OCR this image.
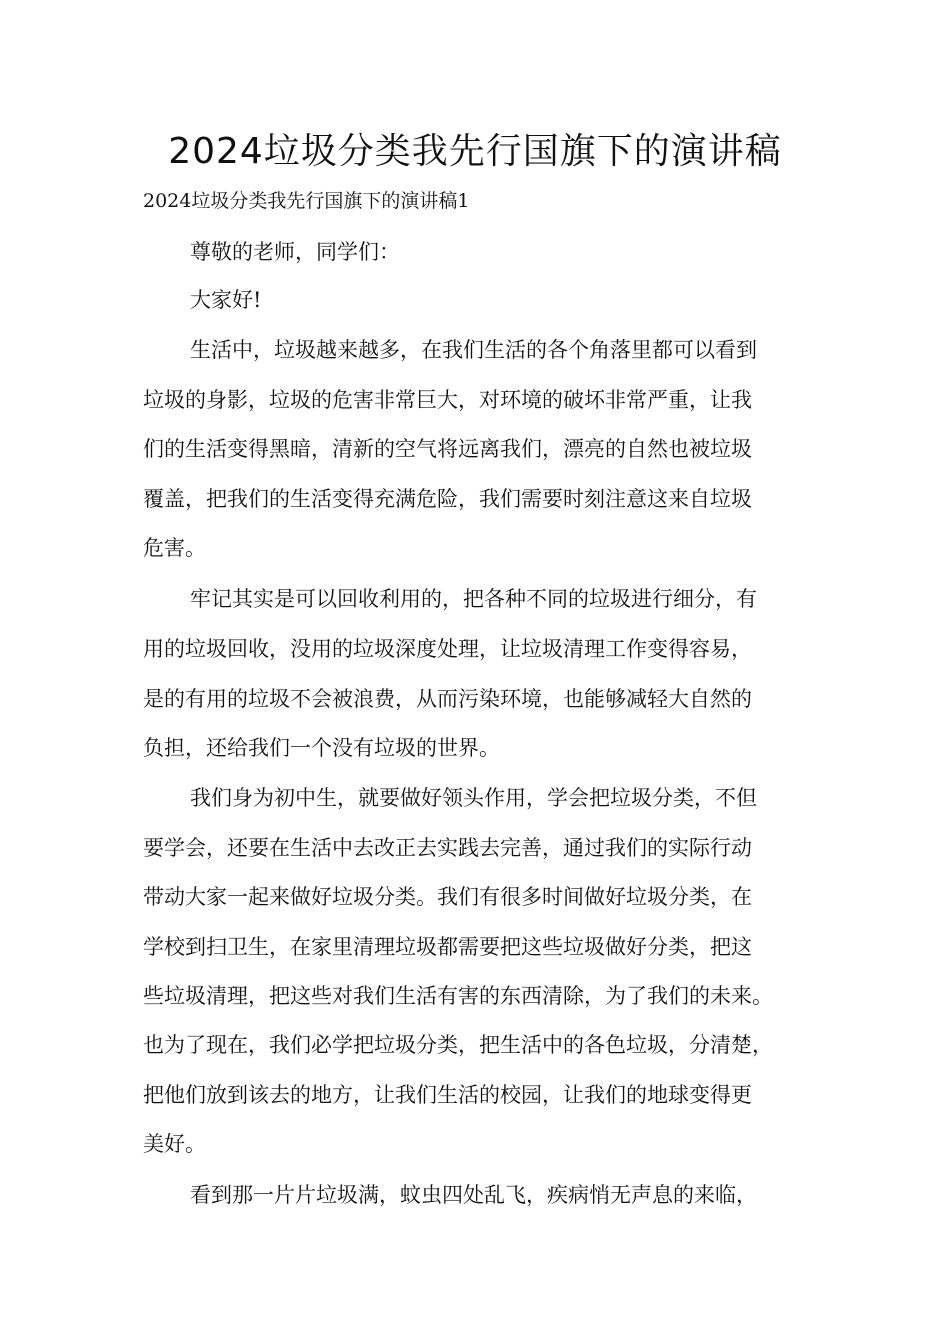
2024垃圾分类我先行国旗下的演讲稿

2024垃圾分类我先行国旗下的演讲稿1

尊敬的老师，同学们：

大家好!

生活中，垃圾越来越多，在我们生活的各个角落里都可以看到

垃圾的身影，垃圾的危害非常巨大，对环境的破坏非常严重，让我

们的生活变得黑暗，清新的空气将远离我们，漂亮的自然也被垃圾

覆盖，把我们的生活变得充满危险，我们需要时刻注意这来自垃圾

危害。

牢记其实是可以回收利用的，把各种不同的垃圾进行细分，有

用的垃圾回收，没用的垃圾深度处理，让垃圾清理工作变得容易，

是的有用的垃圾不会被浪费，从而污染环境，也能够减轻大自然的

负担，还给我们一个没有垃圾的世界。

我们身为初中生，就要做好领头作用，学会把垃圾分类，不但

要学会，还要在生活中去改正去实践去完善，通过我们的实际行动

带动大家一起来做好垃圾分类。我们有很多时间做好垃圾分类，在

学校到扫卫生，在家里清理垃圾都需要把这些垃圾做好分类，把这

些垃圾清理，把这些对我们生活有害的东西清除，为了我们的未来。

也为了现在，我们必学把垃圾分类，把生活中的各色垃圾，分清楚，

把他们放到该去的地方，让我们生活的校园，让我们的地球变得更

美好。

看到那一片片垃圾满，蚊虫四处乱飞，疾病悄无声息的来临，
